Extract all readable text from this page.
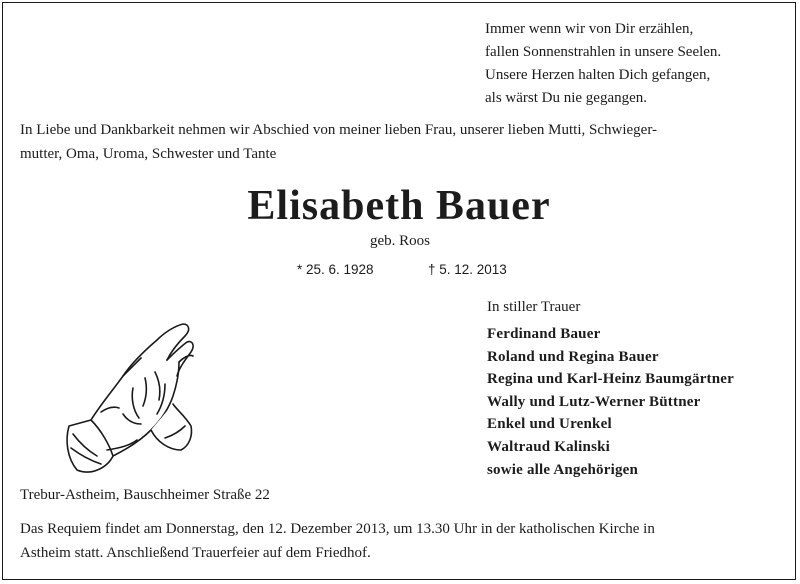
Immer wenn wir von Dir erzählen,
fallen Sonnenstrahlen in unsere Seelen.
Unsere Herzen halten Dich gefangen,
als wärst Du nie gegangen.
In Liebe und Dankbarkeit nehmen wir Abschied von meiner lieben Frau, unserer lieben Mutti, Schwieger-
mutter, Oma, Uroma, Schwester und Tante
Elisabeth Bauer
geb. Roos
* 25. 6. 1928	† 5. 12. 2013
In stiller Trauer
Ferdinand Bauer
Roland und Regina Bauer
Regina und Karl-Heinz Baumgärtner
Wally und Lutz-Werner Büttner
Enkel und Urenkel
Waltraud Kalinski
sowie alle Angehörigen
Trebur-Astheim, Bauschheimer Straße 22
Das Requiem findet am Donnerstag, den 12. Dezember 2013, um 13.30 Uhr in der katholischen Kirche in
Astheim statt. Anschließend Trauerfeier auf dem Friedhof.
